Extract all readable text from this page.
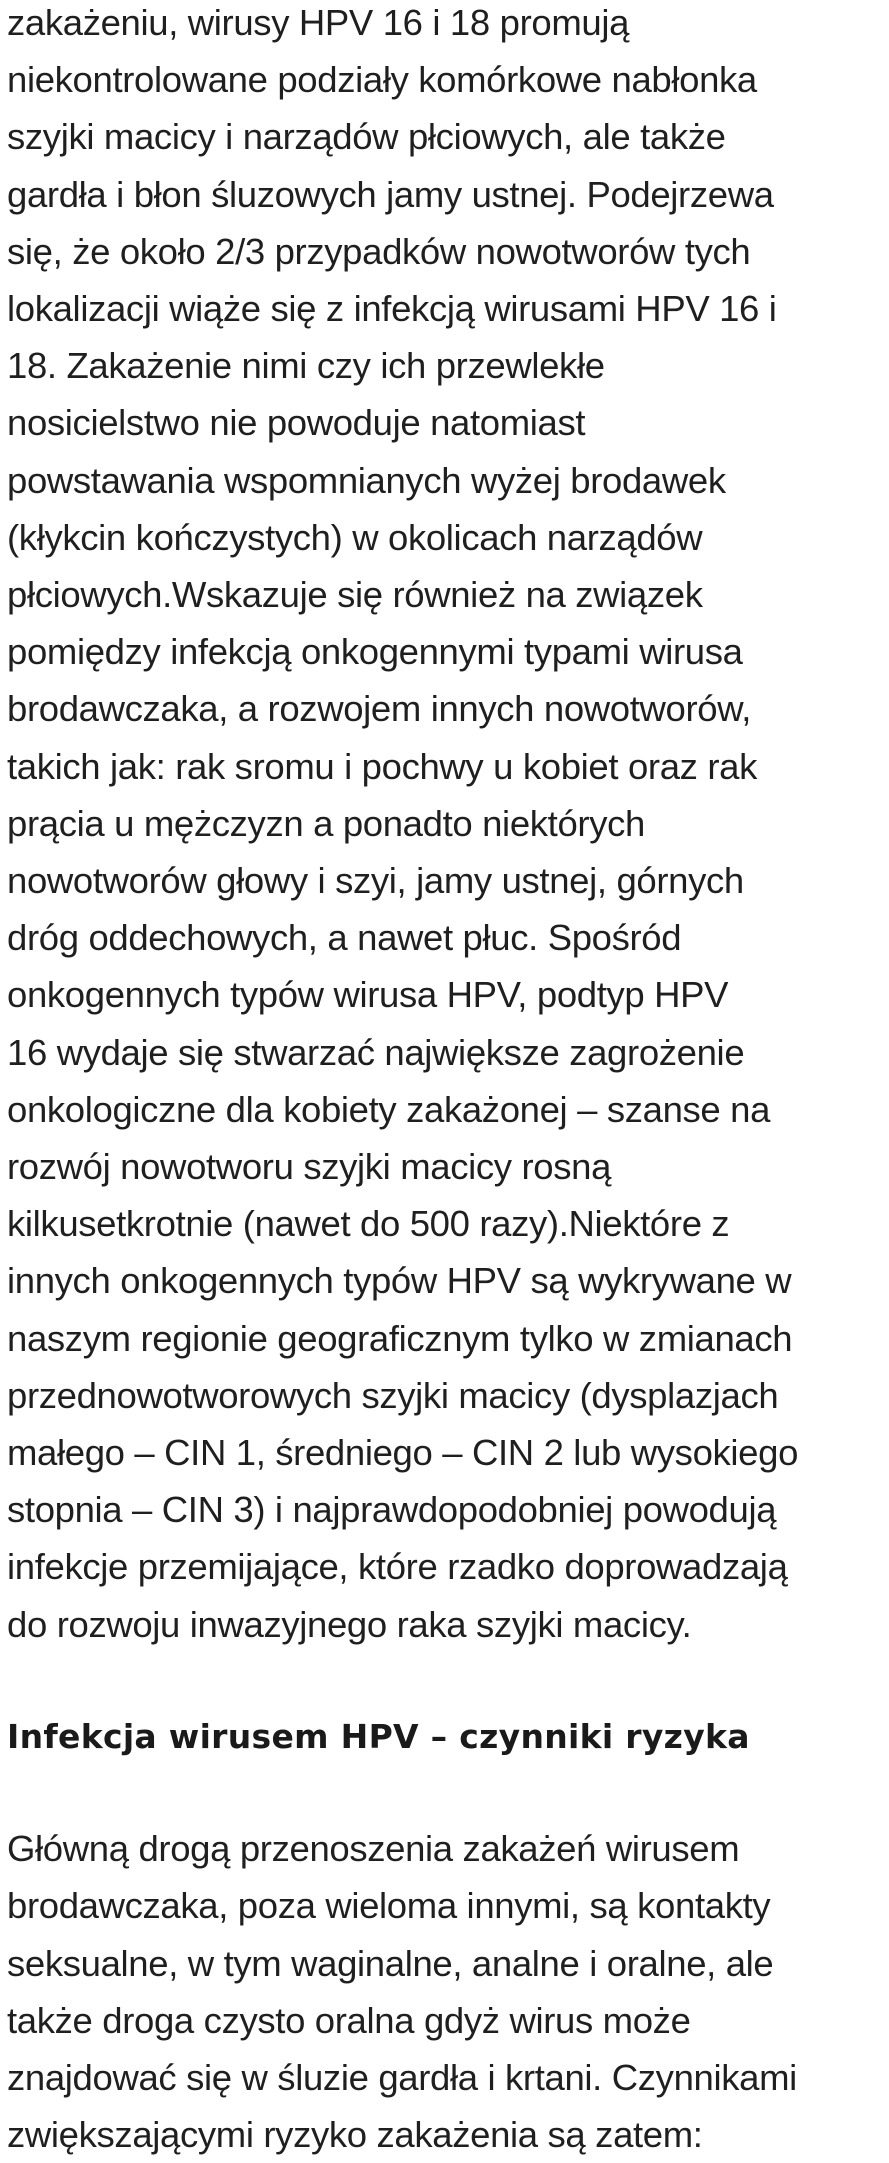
zakażeniu, wirusy HPV 16 i 18 promują
niekontrolowane podziały komórkowe nabłonka
szyjki macicy i narządów płciowych, ale także
gardła i błon śluzowych jamy ustnej. Podejrzewa
się, że około 2/3 przypadków nowotworów tych
lokalizacji wiąże się z infekcją wirusami HPV 16 i
18. Zakażenie nimi czy ich przewlekłe
nosicielstwo nie powoduje natomiast
powstawania wspomnianych wyżej brodawek
(kłykcin kończystych) w okolicach narządów
płciowych.Wskazuje się również na związek
pomiędzy infekcją onkogennymi typami wirusa
brodawczaka, a rozwojem innych nowotworów,
takich jak: rak sromu i pochwy u kobiet oraz rak
prącia u mężczyzn a ponadto niektórych
nowotworów głowy i szyi, jamy ustnej, górnych
dróg oddechowych, a nawet płuc. Spośród
onkogennych typów wirusa HPV, podtyp HPV
16 wydaje się stwarzać największe zagrożenie
onkologiczne dla kobiety zakażonej – szanse na
rozwój nowotworu szyjki macicy rosną
kilkusetkrotnie (nawet do 500 razy).Niektóre z
innych onkogennych typów HPV są wykrywane w
naszym regionie geograficznym tylko w zmianach
przednowotworowych szyjki macicy (dysplazjach
małego – CIN 1, średniego – CIN 2 lub wysokiego
stopnia – CIN 3) i najprawdopodobniej powodują
infekcje przemijające, które rzadko doprowadzają
do rozwoju inwazyjnego raka szyjki macicy.

Infekcja wirusem HPV – czynniki ryzyka

Główną drogą przenoszenia zakażeń wirusem
brodawczaka, poza wieloma innymi, są kontakty
seksualne, w tym waginalne, analne i oralne, ale
także droga czysto oralna gdyż wirus może
znajdować się w śluzie gardła i krtani. Czynnikami
zwiększającymi ryzyko zakażenia są zatem:
